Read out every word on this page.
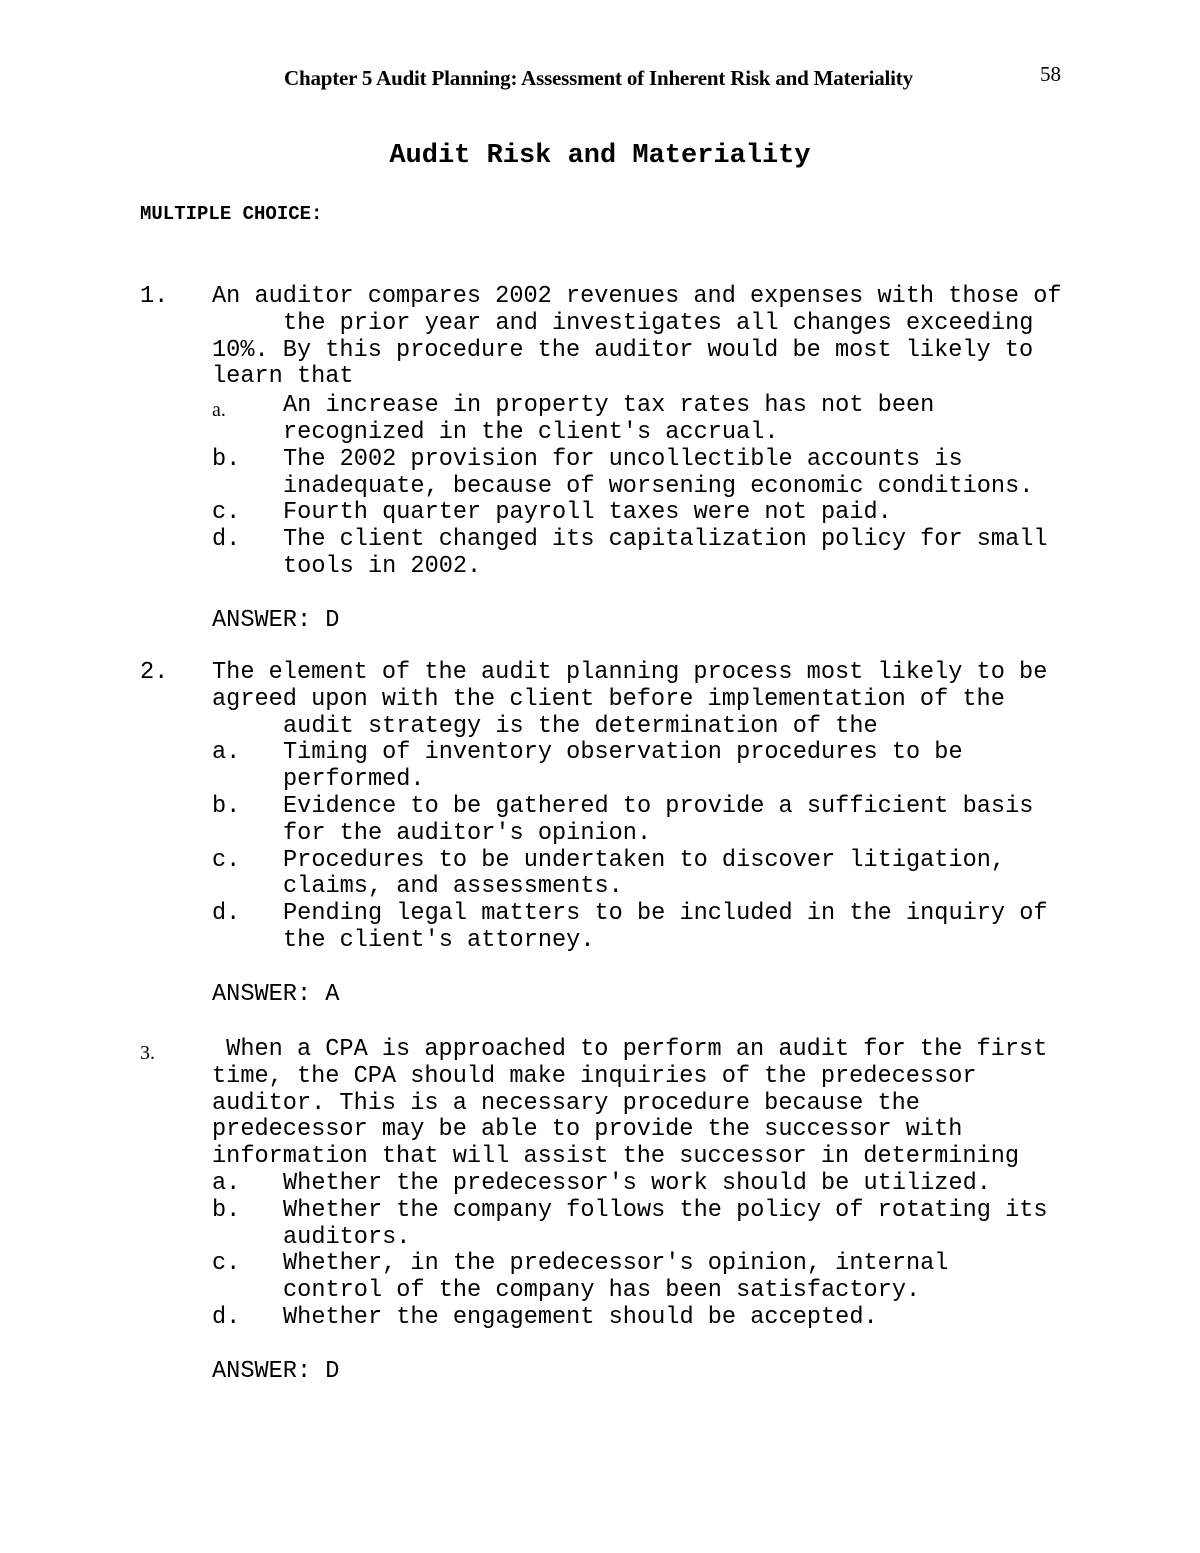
Chapter 5 Audit Planning: Assessment of Inherent Risk and Materiality	58
Audit Risk and Materiality
MULTIPLE CHOICE:
1. An auditor compares 2002 revenues and expenses with those of
the prior year and investigates all changes exceeding
10%. By this procedure the auditor would be most likely to
learn that
a. An increase in property tax rates has not been
recognized in the client's accrual.
b. The 2002 provision for uncollectible accounts is
inadequate, because of worsening economic conditions.
c. Fourth quarter payroll taxes were not paid.
d. The client changed its capitalization policy for small
tools in 2002.
ANSWER: D
2. The element of the audit planning process most likely to be
agreed upon with the client before implementation of the
audit strategy is the determination of the
a. Timing of inventory observation procedures to be
performed.
b. Evidence to be gathered to provide a sufficient basis
for the auditor's opinion.
c. Procedures to be undertaken to discover litigation,
claims, and assessments.
d. Pending legal matters to be included in the inquiry of
the client's attorney.
ANSWER: A
3. When a CPA is approached to perform an audit for the first
time, the CPA should make inquiries of the predecessor
auditor. This is a necessary procedure because the
predecessor may be able to provide the successor with
information that will assist the successor in determining
a. Whether the predecessor's work should be utilized.
b. Whether the company follows the policy of rotating its
auditors.
c. Whether, in the predecessor's opinion, internal
control of the company has been satisfactory.
d. Whether the engagement should be accepted.
ANSWER: D
